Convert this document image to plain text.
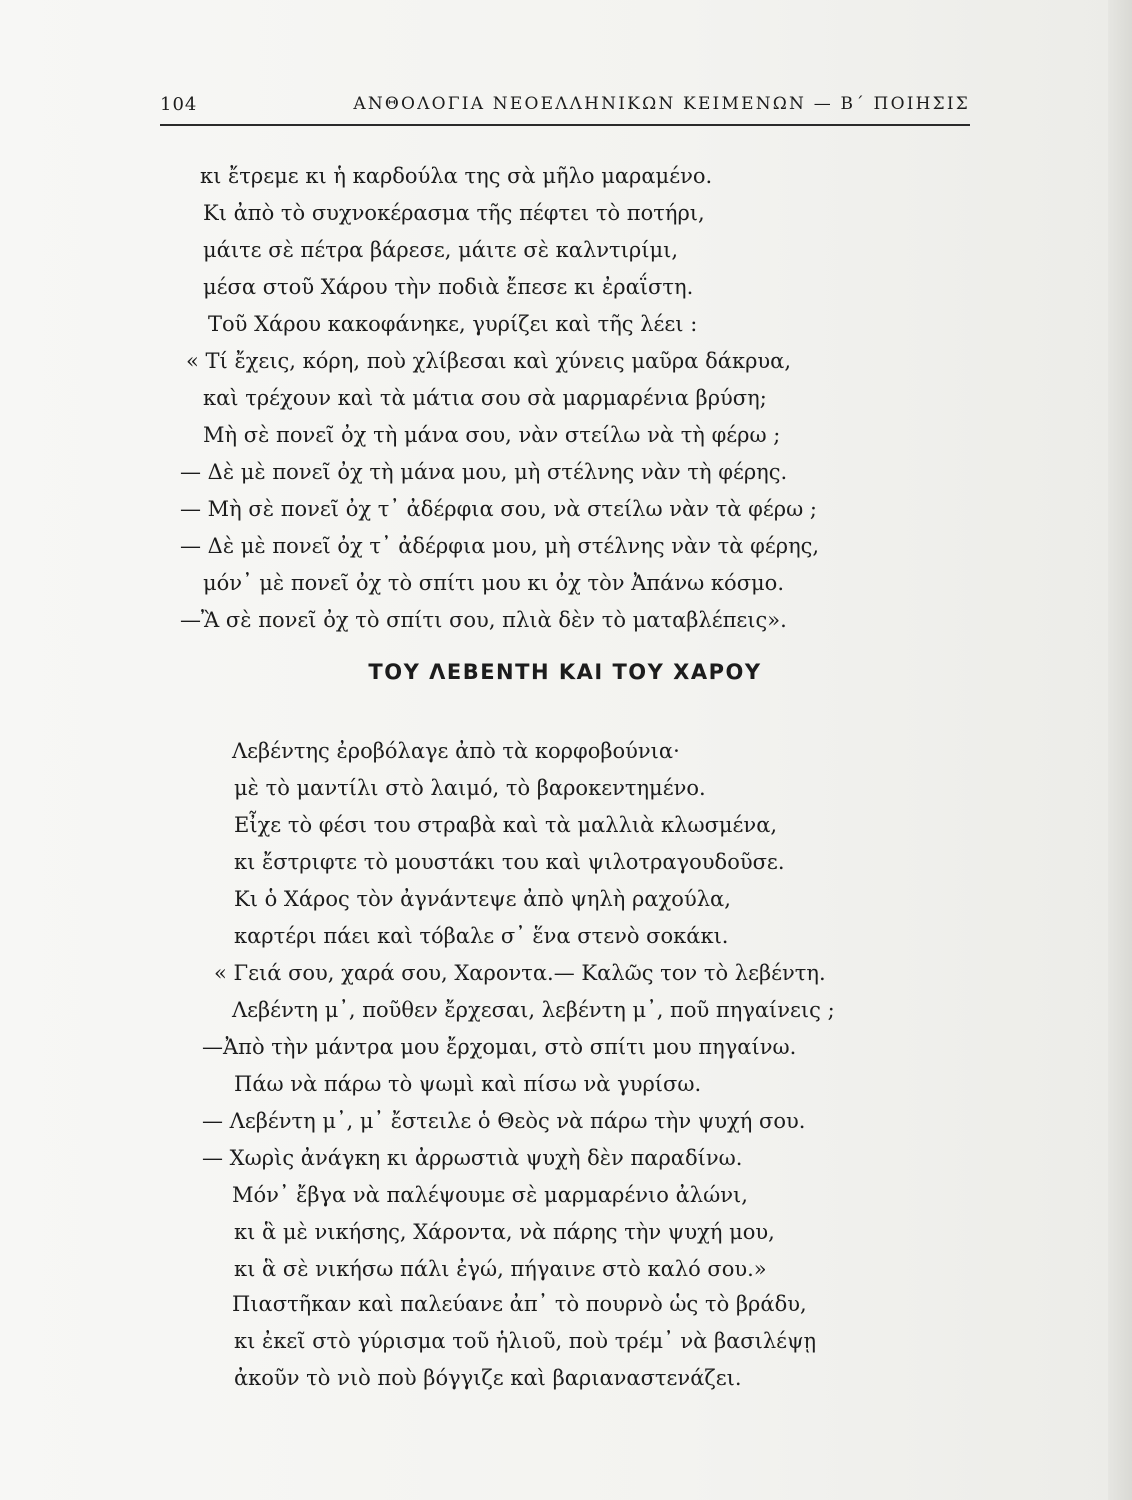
104	ΑΝΘΟΛΟΓΙΑ ΝΕΟΕΛΛΗΝΙΚΩΝ ΚΕΙΜΕΝΩΝ — Β΄ ΠΟΙΗΣΙΣ
κι ἔτρεμε κι ἡ καρδούλα της σὰ μῆλο μαραμένο.
Κι ἀπὸ τὸ συχνοκέρασμα τῆς πέφτει τὸ ποτήρι,
μάιτε σὲ πέτρα βάρεσε, μάιτε σὲ καλντιρίμι,
μέσα στοῦ Χάρου τὴν ποδιὰ ἔπεσε κι ἐραΐστη.
Τοῦ Χάρου κακοφάνηκε, γυρίζει καὶ τῆς λέει :
« Τί ἔχεις, κόρη, ποὺ χλίβεσαι καὶ χύνεις μαῦρα δάκρυα,
καὶ τρέχουν καὶ τὰ μάτια σου σὰ μαρμαρένια βρύση;
Μὴ σὲ πονεῖ ὀχ τὴ μάνα σου, νὰν στείλω νὰ τὴ φέρω ;
— Δὲ μὲ πονεῖ ὀχ τὴ μάνα μου, μὴ στέλνης νὰν τὴ φέρης.
— Μὴ σὲ πονεῖ ὀχ τ᾽ ἀδέρφια σου, νὰ στείλω νὰν τὰ φέρω ;
— Δὲ μὲ πονεῖ ὀχ τ᾽ ἀδέρφια μου, μὴ στέλνης νὰν τὰ φέρης,
μόν᾽ μὲ πονεῖ ὀχ τὸ σπίτι μου κι ὀχ τὸν Ἀπάνω κόσμο.
—Ἂ σὲ πονεῖ ὀχ τὸ σπίτι σου, πλιὰ δὲν τὸ ματαβλέπεις».
ΤΟΥ ΛΕΒΕΝΤΗ ΚΑΙ ΤΟΥ ΧΑΡΟΥ
Λεβέντης ἐροβόλαγε ἀπὸ τὰ κορφοβούνια·
μὲ τὸ μαντίλι στὸ λαιμό, τὸ βαροκεντημένο.
Εἶχε τὸ φέσι του στραβὰ καὶ τὰ μαλλιὰ κλωσμένα,
κι ἔστριφτε τὸ μουστάκι του καὶ ψιλοτραγουδοῦσε.
Κι ὁ Χάρος τὸν ἀγνάντεψε ἀπὸ ψηλὴ ραχούλα,
καρτέρι πάει καὶ τόβαλε σ᾽ ἕνα στενὸ σοκάκι.
« Γειά σου, χαρά σου, Χαροντα.— Καλῶς τον τὸ λεβέντη.
Λεβέντη μ᾽, ποῦθεν ἔρχεσαι, λεβέντη μ᾽, ποῦ πηγαίνεις ;
—Ἀπὸ τὴν μάντρα μου ἔρχομαι, στὸ σπίτι μου πηγαίνω.
Πάω νὰ πάρω τὸ ψωμὶ καὶ πίσω νὰ γυρίσω.
— Λεβέντη μ᾽, μ᾽ ἔστειλε ὁ Θεὸς νὰ πάρω τὴν ψυχή σου.
— Χωρὶς ἀνάγκη κι ἀρρωστιὰ ψυχὴ δὲν παραδίνω.
Μόν᾽ ἔβγα νὰ παλέψουμε σὲ μαρμαρένιο ἀλώνι,
κι ἃ μὲ νικήσης, Χάροντα, νὰ πάρης τὴν ψυχή μου,
κι ἃ σὲ νικήσω πάλι ἐγώ, πήγαινε στὸ καλό σου.»
Πιαστῆκαν καὶ παλεύανε ἀπ᾽ τὸ πουρνὸ ὡς τὸ βράδυ,
κι ἐκεῖ στὸ γύρισμα τοῦ ἡλιοῦ, ποὺ τρέμ᾽ νὰ βασιλέψῃ
ἀκοῦν τὸ νιὸ ποὺ βόγγιζε καὶ βαριαναστενάζει.
